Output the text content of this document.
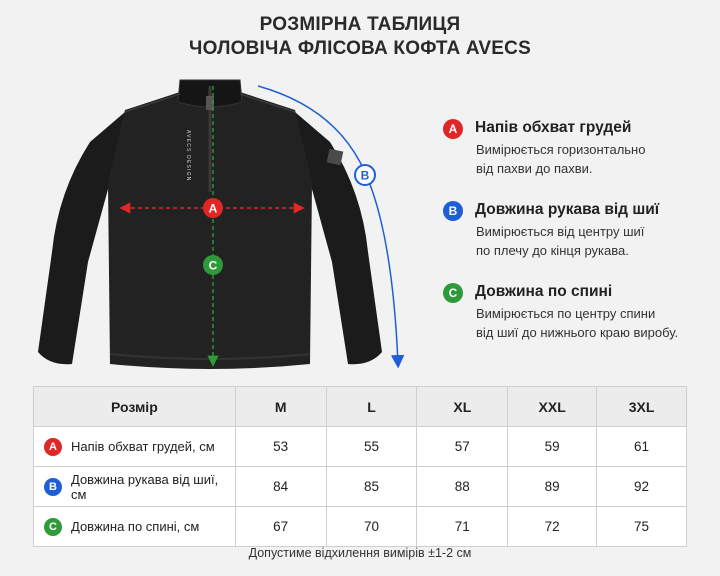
РОЗМІРНА ТАБЛИЦЯ
ЧОЛОВІЧА ФЛІСОВА КОФТА AVECS
AVECS DESIGN
A
C
B
A	Напів обхват грудей
Вимірюється горизонтально
від пахви до пахви.
B	Довжина рукава від шиї
Вимірюється від центру шиї
по плечу до кінця рукава.
C	Довжина по спині
Вимірюється по центру спини
від шиї до нижнього краю виробу.
Розмір	M	L	XL	XXL	3XL

A Напів обхват грудей, см	53	55	57	59	61

B Довжина рукава від шиї, см	84	85	88	89	92

C Довжина по спині, см	67	70	71	72	75
Допустиме відхилення вимірів ±1-2 см
